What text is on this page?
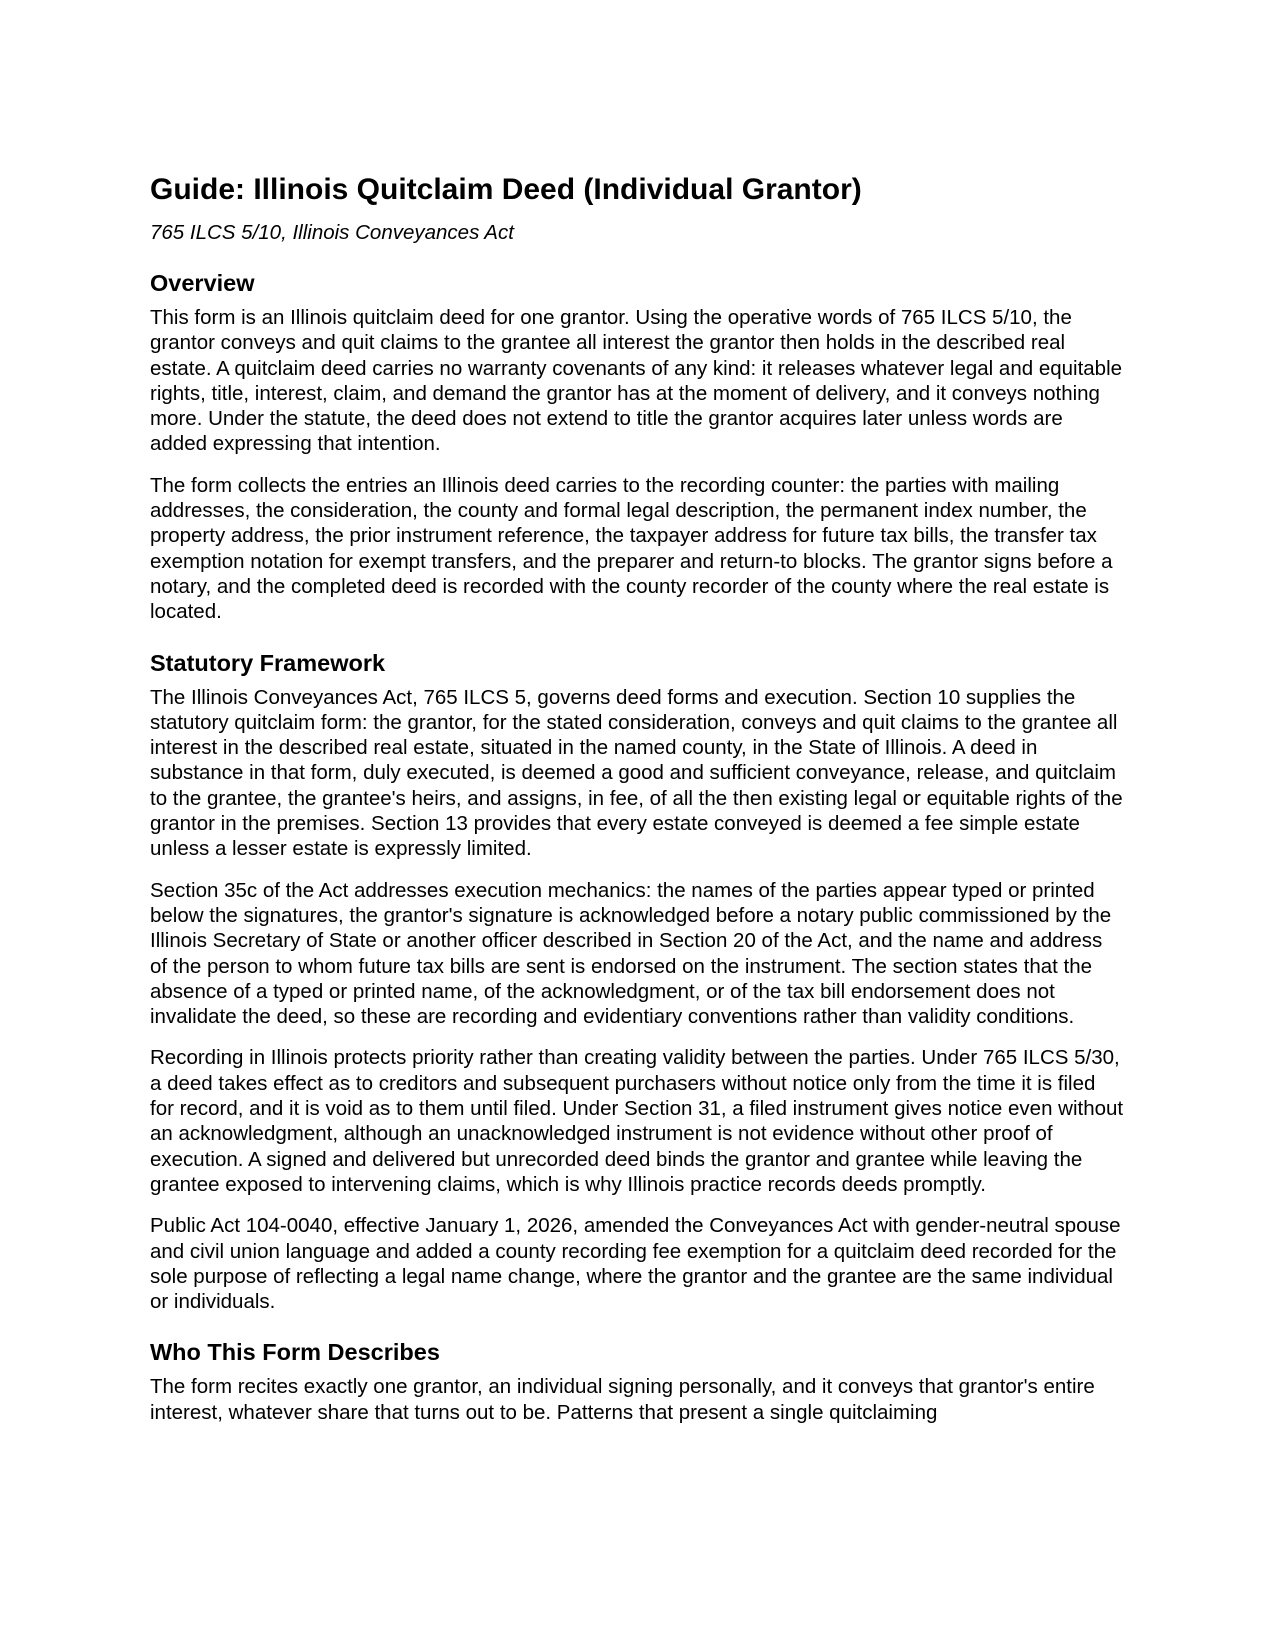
Guide: Illinois Quitclaim Deed (Individual Grantor)

765 ILCS 5/10, Illinois Conveyances Act

Overview

This form is an Illinois quitclaim deed for one grantor. Using the operative words of 765 ILCS 5/10, the grantor conveys and quit claims to the grantee all interest the grantor then holds in the described real estate. A quitclaim deed carries no warranty covenants of any kind: it releases whatever legal and equitable rights, title, interest, claim, and demand the grantor has at the moment of delivery, and it conveys nothing more. Under the statute, the deed does not extend to title the grantor acquires later unless words are added expressing that intention.

The form collects the entries an Illinois deed carries to the recording counter: the parties with mailing addresses, the consideration, the county and formal legal description, the permanent index number, the property address, the prior instrument reference, the taxpayer address for future tax bills, the transfer tax exemption notation for exempt transfers, and the preparer and return-to blocks. The grantor signs before a notary, and the completed deed is recorded with the county recorder of the county where the real estate is located.

Statutory Framework

The Illinois Conveyances Act, 765 ILCS 5, governs deed forms and execution. Section 10 supplies the statutory quitclaim form: the grantor, for the stated consideration, conveys and quit claims to the grantee all interest in the described real estate, situated in the named county, in the State of Illinois. A deed in substance in that form, duly executed, is deemed a good and sufficient conveyance, release, and quitclaim to the grantee, the grantee's heirs, and assigns, in fee, of all the then existing legal or equitable rights of the grantor in the premises. Section 13 provides that every estate conveyed is deemed a fee simple estate unless a lesser estate is expressly limited.

Section 35c of the Act addresses execution mechanics: the names of the parties appear typed or printed below the signatures, the grantor's signature is acknowledged before a notary public commissioned by the Illinois Secretary of State or another officer described in Section 20 of the Act, and the name and address of the person to whom future tax bills are sent is endorsed on the instrument. The section states that the absence of a typed or printed name, of the acknowledgment, or of the tax bill endorsement does not invalidate the deed, so these are recording and evidentiary conventions rather than validity conditions.

Recording in Illinois protects priority rather than creating validity between the parties. Under 765 ILCS 5/30, a deed takes effect as to creditors and subsequent purchasers without notice only from the time it is filed for record, and it is void as to them until filed. Under Section 31, a filed instrument gives notice even without an acknowledgment, although an unacknowledged instrument is not evidence without other proof of execution. A signed and delivered but unrecorded deed binds the grantor and grantee while leaving the grantee exposed to intervening claims, which is why Illinois practice records deeds promptly.

Public Act 104-0040, effective January 1, 2026, amended the Conveyances Act with gender-neutral spouse and civil union language and added a county recording fee exemption for a quitclaim deed recorded for the sole purpose of reflecting a legal name change, where the grantor and the grantee are the same individual or individuals.

Who This Form Describes

The form recites exactly one grantor, an individual signing personally, and it conveys that grantor's entire interest, whatever share that turns out to be. Patterns that present a single quitclaiming
